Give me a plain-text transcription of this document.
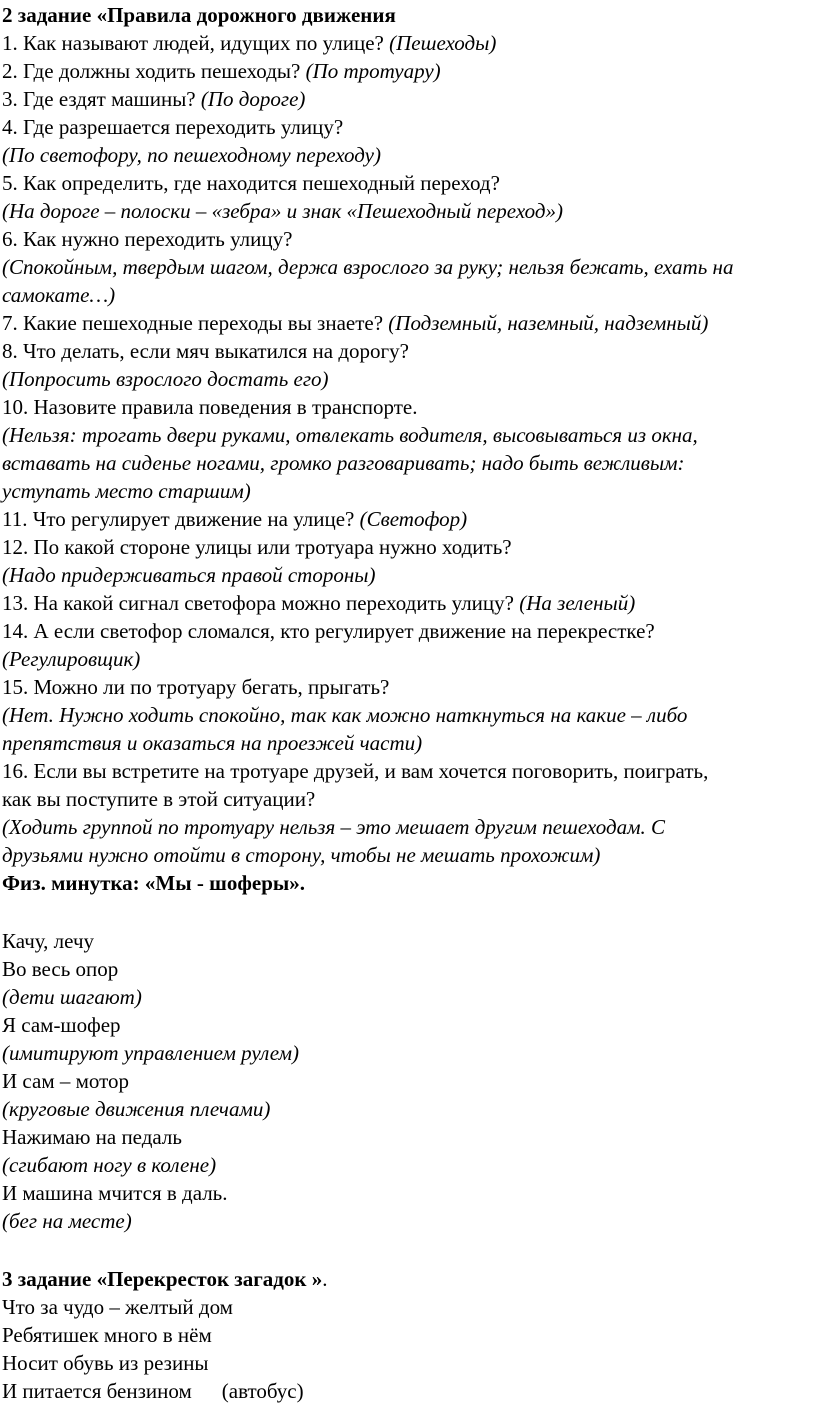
2 задание «Правила дорожного движения
1. Как называют людей, идущих по улице? (Пешеходы)
2. Где должны ходить пешеходы? (По тротуару)
3. Где ездят машины? (По дороге)
4. Где разрешается переходить улицу?
(По светофору, по пешеходному переходу)
5. Как определить, где находится пешеходный переход?
(На дороге – полоски – «зебра» и знак «Пешеходный переход»)
6. Как нужно переходить улицу?
(Спокойным, твердым шагом, держа взрослого за руку; нельзя бежать, ехать на
самокате…)
7. Какие пешеходные переходы вы знаете? (Подземный, наземный, надземный)
8. Что делать, если мяч выкатился на дорогу?
(Попросить взрослого достать его)
10. Назовите правила поведения в транспорте.
(Нельзя: трогать двери руками, отвлекать водителя, высовываться из окна,
вставать на сиденье ногами, громко разговаривать; надо быть вежливым:
уступать место старшим)
11. Что регулирует движение на улице? (Светофор)
12. По какой стороне улицы или тротуара нужно ходить?
(Надо придерживаться правой стороны)
13. На какой сигнал светофора можно переходить улицу? (На зеленый)
14. А если светофор сломался, кто регулирует движение на перекрестке?
(Регулировщик)
15. Можно ли по тротуару бегать, прыгать?
(Нет. Нужно ходить спокойно, так как можно наткнуться на какие – либо
препятствия и оказаться на проезжей части)
16. Если вы встретите на тротуаре друзей, и вам хочется поговорить, поиграть,
как вы поступите в этой ситуации?
(Ходить группой по тротуару нельзя – это мешает другим пешеходам. С
друзьями нужно отойти в сторону, чтобы не мешать прохожим)
Физ. минутка: «Мы - шоферы».
Качу, лечу
Во весь опор
(дети шагают)
Я сам-шофер
(имитируют управлением рулем)
И сам – мотор
(круговые движения плечами)
Нажимаю на педаль
(сгибают ногу в колене)
И машина мчится в даль.
(бег на месте)
3 задание «Перекресток загадок ».
Что за чудо – желтый дом
Ребятишек много в нём
Носит обувь из резины
И питается бензином (автобус)
